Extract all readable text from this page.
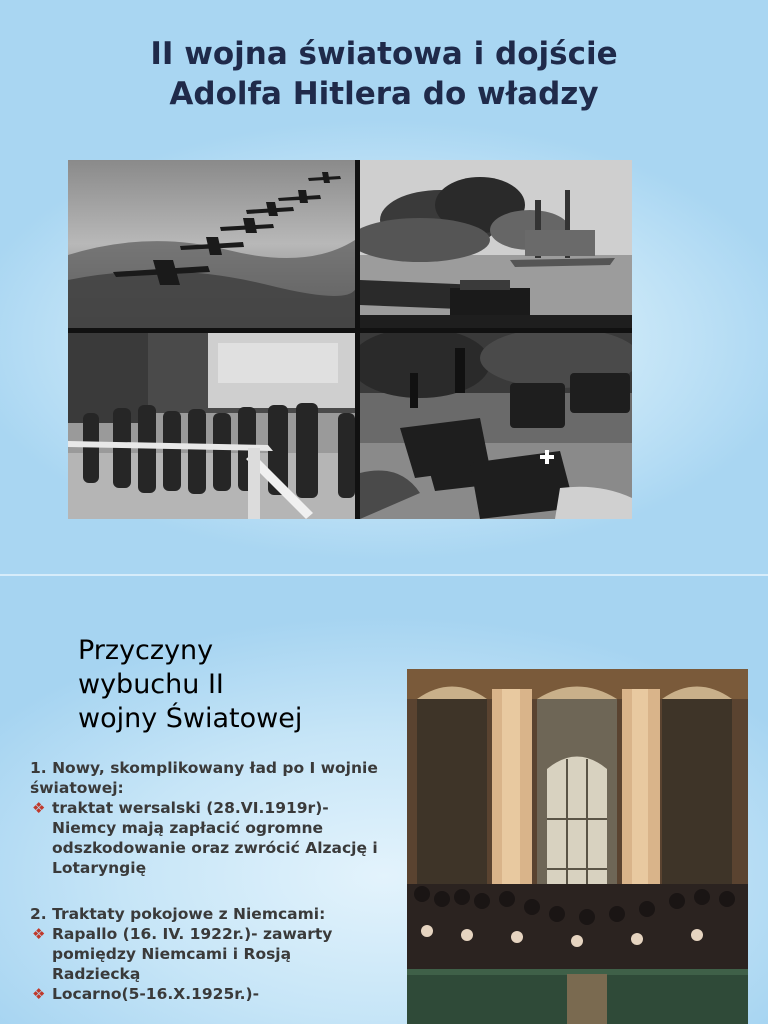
II wojna światowa i dojście
Adolfa Hitlera do władzy
Przyczyny
wybuchu II
wojny Światowej

1. Nowy, skomplikowany ład po I wojnie światowej:

❖ traktat wersalski (28.VI.1919r)- Niemcy mają zapłacić ogromne odszkodowanie oraz zwrócić Alzację i Lotaryngię

2. Traktaty pokojowe z Niemcami:

❖ Rapallo (16. IV. 1922r.)- zawarty pomiędzy Niemcami i Rosją Radziecką

❖ Locarno(5-16.X.1925r.)-
